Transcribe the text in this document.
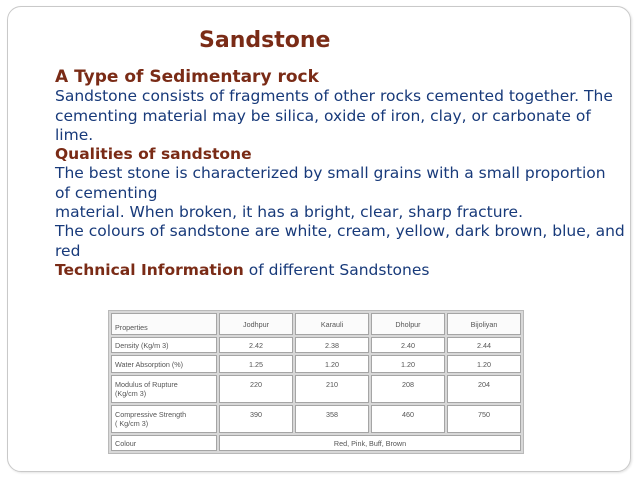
Sandstone

A Type of Sedimentary rock

Sandstone consists of fragments of other rocks cemented together. The cementing material may be silica, oxide of iron, clay, or carbonate of lime.

Qualities of sandstone

The best stone is characterized by small grains with a small proportion of cementing

material. When broken, it has a bright, clear, sharp fracture.

The colours of sandstone are white, cream, yellow, dark brown, blue, and red

Technical Information of different Sandstones

Properties	Jodhpur	Karauli	Dholpur	Bijoliyan
Density (Kg/m 3)	2.42	2.38	2.40	2.44
Water Absorption (%)	1.25	1.20	1.20	1.20
Modulus of Rupture
(Kg/cm 3)	220	210	208	204
Compressive Strength
( Kg/cm 3)	390	358	460	750
Colour	Red, Pink, Buff, Brown			
